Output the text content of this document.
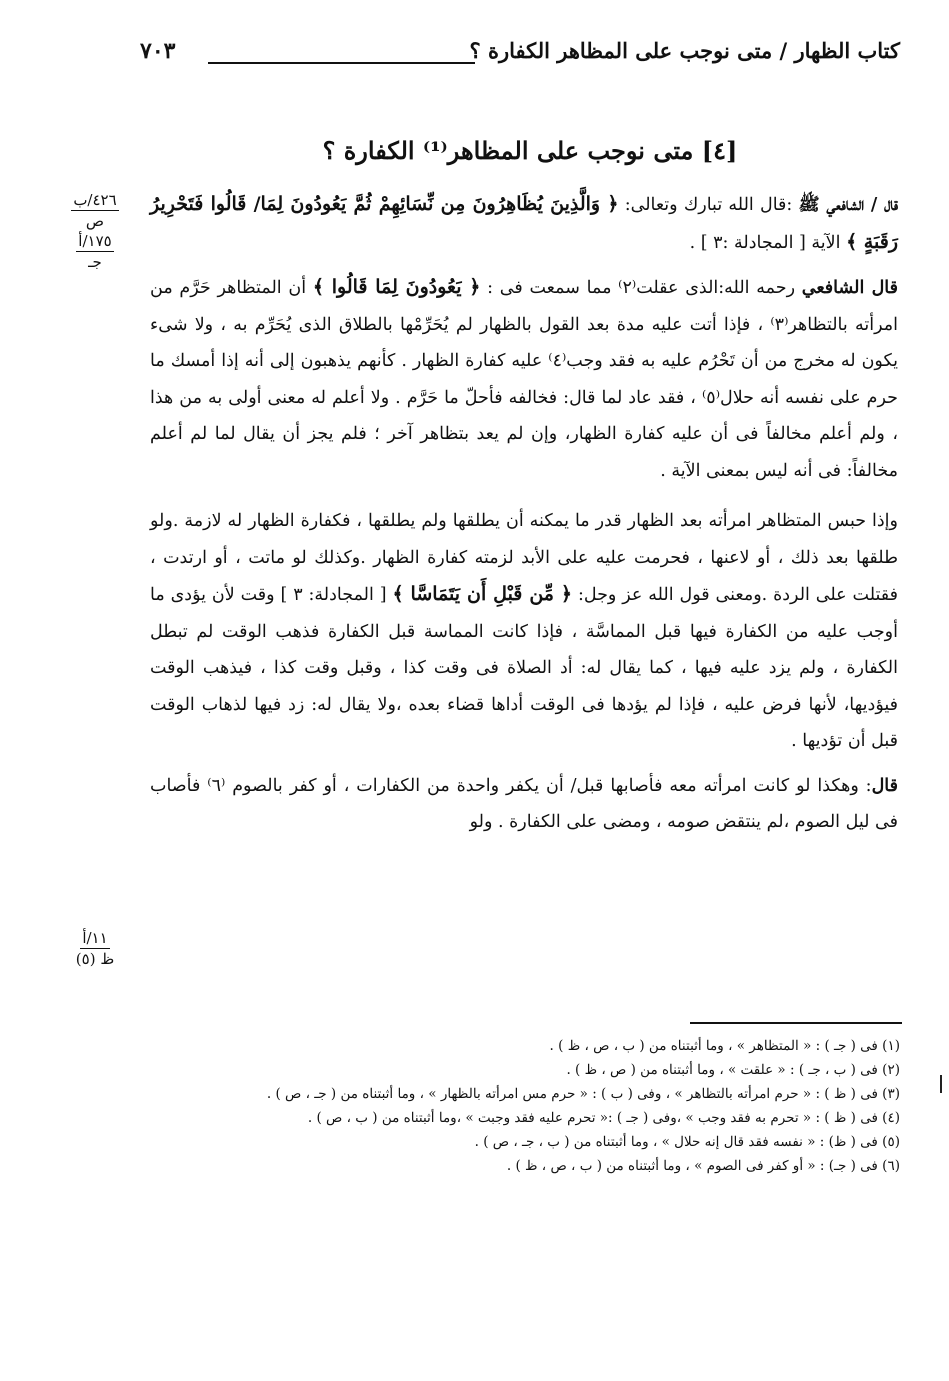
كتاب الظهار / متى نوجب على المظاهر الكفارة ؟
٧٠٣
[٤] متى نوجب على المظاهر⁽¹⁾ الكفارة ؟
٤٢٦/ب
ص
١٧٥/أ
جـ
١١/أ
ظ (٥)

قال / الشافعي ﷺ :قال الله تبارك وتعالى: ﴿ وَالَّذِينَ يُظَاهِرُونَ مِن نِّسَائِهِمْ ثُمَّ يَعُودُونَ لِمَا/ قَالُوا فَتَحْرِيرُ رَقَبَةٍ ﴾ الآية [ المجادلة :٣ ] .

قال الشافعي رحمه الله:الذى عقلت⁽٢⁾ مما سمعت فى : ﴿ يَعُودُونَ لِمَا قَالُوا ﴾ أن المتظاهر حَرَّم من امرأته بالتظاهر⁽٣⁾ ، فإذا أتت عليه مدة بعد القول بالظهار لم يُحَرِّمْها بالطلاق الذى يُحَرِّم به ، ولا شىء يكون له مخرج من أن تَحْرُم عليه به فقد وجب⁽٤⁾ عليه كفارة الظهار . كأنهم يذهبون إلى أنه إذا أمسك ما حرم على نفسه أنه حلال⁽٥⁾ ، فقد عاد لما قال: فخالفه فأحلّ ما حَرَّم . ولا أعلم له معنى أولى به من هذا ، ولم أعلم مخالفاً فى أن عليه كفارة الظهار، وإن لم يعد بتظاهر آخر ؛ فلم يجز أن يقال لما لم أعلم مخالفاً: فى أنه ليس بمعنى الآية .

وإذا حبس المتظاهر امرأته بعد الظهار قدر ما يمكنه أن يطلقها ولم يطلقها ، فكفارة الظهار له لازمة .ولو طلقها بعد ذلك ، أو لاعنها ، فحرمت عليه على الأبد لزمته كفارة الظهار .وكذلك لو ماتت ، أو ارتدت ، فقتلت على الردة .ومعنى قول الله عز وجل: ﴿ مِّن قَبْلِ أَن يَتَمَاسَّا ﴾ [ المجادلة: ٣ ] وقت لأن يؤدى ما أوجب عليه من الكفارة فيها قبل المماسَّة ، فإذا كانت المماسة قبل الكفارة فذهب الوقت لم تبطل الكفارة ، ولم يزد عليه فيها ، كما يقال له: أد الصلاة فى وقت كذا ، وقبل وقت كذا ، فيذهب الوقت فيؤديها، لأنها فرض عليه ، فإذا لم يؤدها فى الوقت أداها قضاء بعده ،ولا يقال له: زد فيها لذهاب الوقت قبل أن تؤديها .

قال: وهكذا لو كانت امرأته معه فأصابها قبل/ أن يكفر واحدة من الكفارات ، أو كفر بالصوم ⁽٦⁾ فأصاب فى ليل الصوم ،لم ينتقض صومه ، ومضى على الكفارة . ولو

(١) فى ( جـ ) : « المتظاهر » ، وما أثبتناه من ( ب ، ص ، ظ ) .

(٢) فى ( ب ، جـ ) : « علقت » ، وما أثبتناه من ( ص ، ظ ) .

(٣) فى ( ظ ) : « حرم امرأته بالتظاهر » ، وفى ( ب ) : « حرم مس امرأته بالظهار » ، وما أثبتناه من ( جـ ، ص ) .

(٤) فى ( ظ ) : « تحرم به فقد وجب » ،وفى ( جـ ) :« تحرم عليه فقد وجبت » ،وما أثبتناه من ( ب ، ص ) .

(٥) فى ( ظ) : « نفسه فقد قال إنه حلال » ، وما أثبتناه من ( ب ، جـ ، ص ) .

(٦) فى ( جـ) : « أو كفر فى الصوم » ، وما أثبتناه من ( ب ، ص ، ظ ) .
